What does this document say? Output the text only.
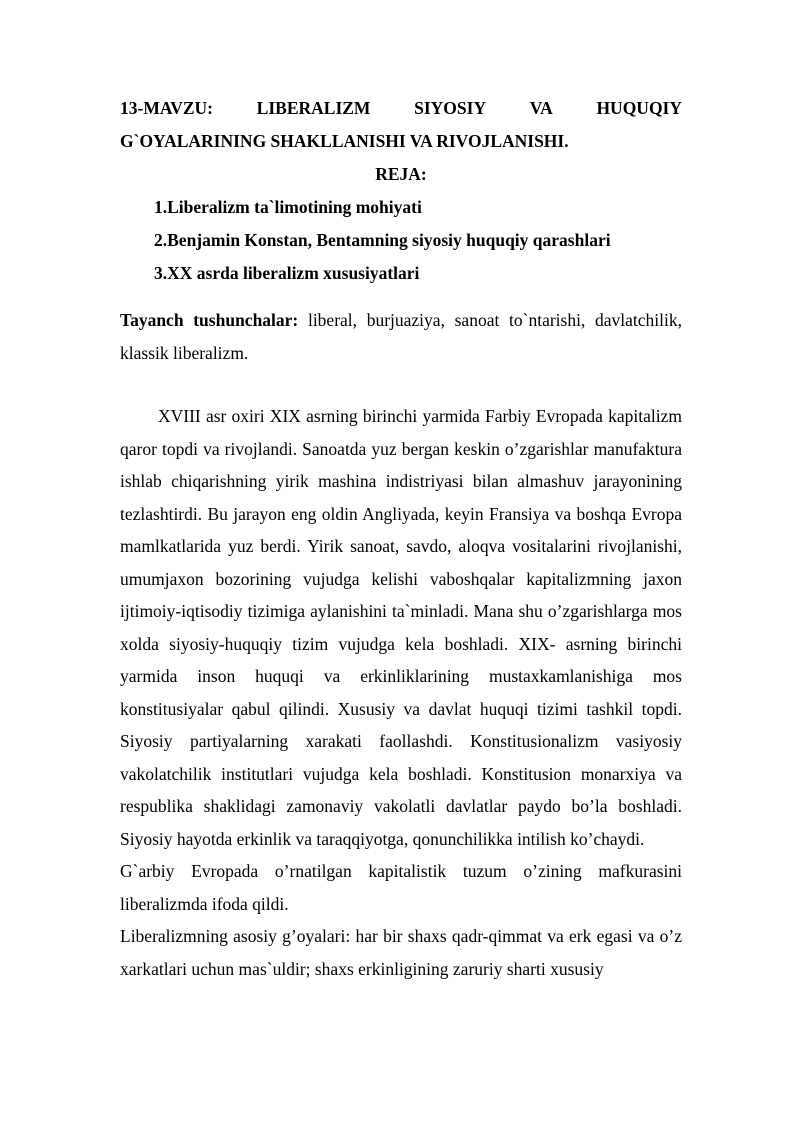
13-MAVZU: LIBERALIZM SIYOSIY VA HUQUQIY
G`OYALARINING SHAKLLANISHI VA RIVOJLANISHI.
REJA:
1.Liberalizm ta`limotining mohiyati
2.Benjamin Konstan, Bentamning siyosiy huquqiy qarashlari
3.XX asrda liberalizm xususiyatlari

Tayanch tushunchalar: liberal, burjuaziya, sanoat to`ntarishi, davlatchilik, klassik liberalizm.

XVIII asr oxiri XIX asrning birinchi yarmida Farbiy Evropada kapitalizm qaror topdi va rivojlandi. Sanoatda yuz bergan keskin o’zgarishlar manufaktura ishlab chiqarishning yirik mashina indistriyasi bilan almashuv jarayonining tezlashtirdi. Bu jarayon eng oldin Angliyada, keyin Fransiya va boshqa Evropa mamlkatlarida yuz berdi. Yirik sanoat, savdo, aloqva vositalarini rivojlanishi, umumjaxon bozorining vujudga kelishi vaboshqalar kapitalizmning jaxon ijtimoiy-iqtisodiy tizimiga aylanishini ta`minladi. Mana shu o’zgarishlarga mos xolda siyosiy-huquqiy tizim vujudga kela boshladi. XIX- asrning birinchi yarmida inson huquqi va erkinliklarining mustaxkamlanishiga mos konstitusiyalar qabul qilindi. Xususiy va davlat huquqi tizimi tashkil topdi. Siyosiy partiyalarning xarakati faollashdi. Konstitusionalizm vasiyosiy vakolatchilik institutlari vujudga kela boshladi. Konstitusion monarxiya va respublika shaklidagi zamonaviy vakolatli davlatlar paydo bo’la boshladi. Siyosiy hayotda erkinlik va taraqqiyotga, qonunchilikka intilish ko’chaydi.

G`arbiy Evropada o’rnatilgan kapitalistik tuzum o’zining mafkurasini liberalizmda ifoda qildi.

Liberalizmning asosiy g’oyalari: har bir shaxs qadr-qimmat va erk egasi va o’z xarkatlari uchun mas`uldir; shaxs erkinligining zaruriy sharti xususiy
